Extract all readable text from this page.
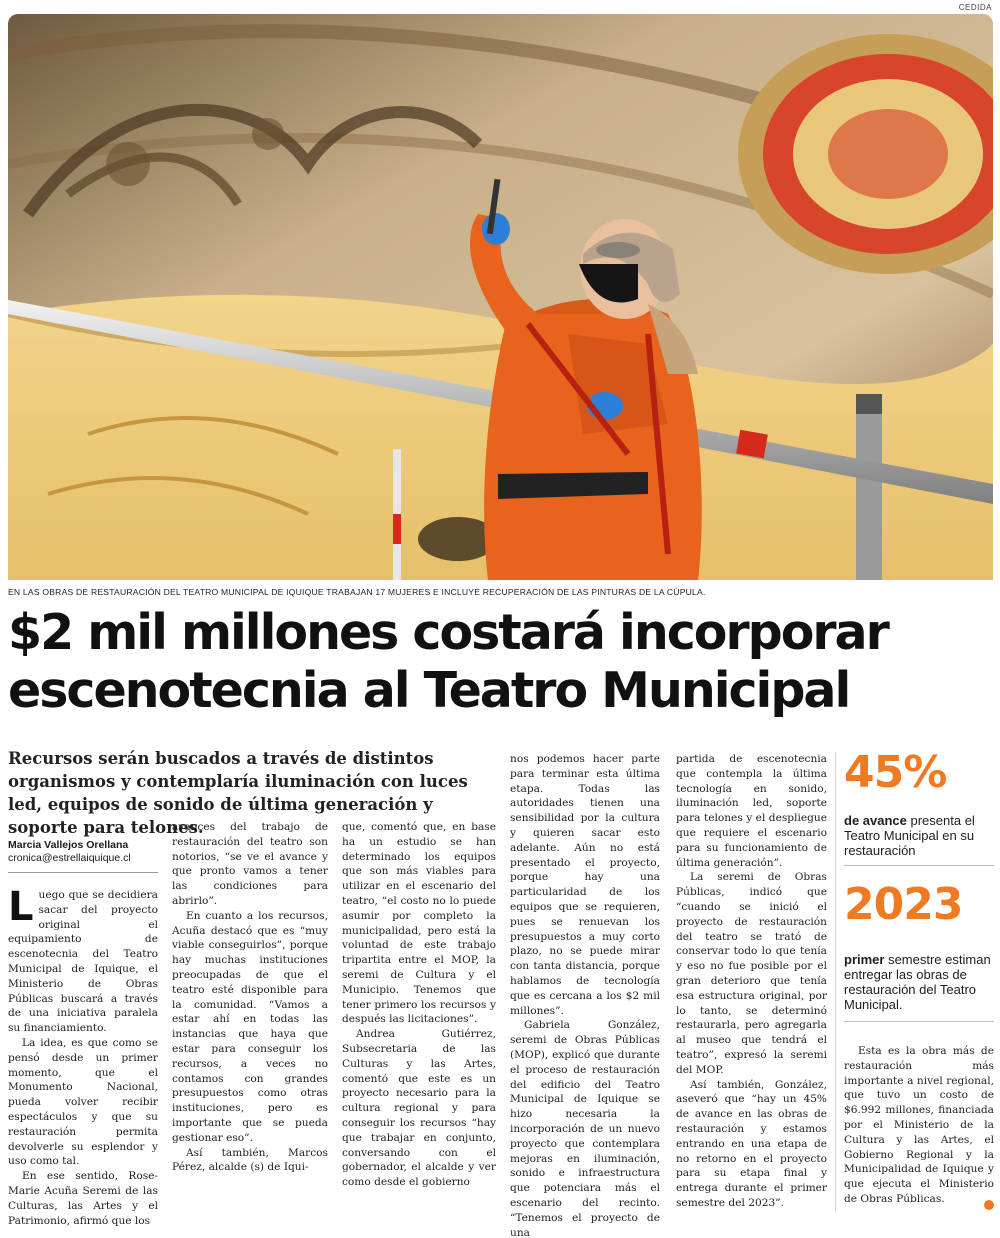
CEDIDA
EN LAS OBRAS DE RESTAURACIÓN DEL TEATRO MUNICIPAL DE IQUIQUE TRABAJAN 17 MUJERES E INCLUYE RECUPERACIÓN DE LAS PINTURAS DE LA CÚPULA.
$2 mil millones costará incorporar
escenotecnia al Teatro Municipal
Recursos serán buscados a través de distintos organismos y contemplaría iluminación con luces led, equipos de sonido de última generación y soporte para telones.
Marcia Vallejos Orellana
cronica@estrellaiquique.cl

Luego que se decidiera sacar del proyecto original el equipamiento de escenotecnia del Teatro Municipal de Iquique, el Ministerio de Obras Públicas buscará a través de una iniciativa paralela su financiamiento.

La idea, es que como se pensó desde un primer momento, que el Monumento Nacional, pueda volver recibir espectáculos y que su restauración permita devolverle su esplendor y uso como tal.

En ese sentido, Rose-Marie Acuña Seremi de las Culturas, las Artes y el Patrimonio, afirmó que los

avances del trabajo de restauración del teatro son notorios, “se ve el avance y que pronto vamos a tener las condiciones para abrirlo”.

En cuanto a los recursos, Acuña destacó que es “muy viable conseguirlos”, porque hay muchas instituciones preocupadas de que el teatro esté disponible para la comunidad. “Vamos a estar ahí en todas las instancias que haya que estar para conseguir los recursos, a veces no contamos con grandes presupuestos como otras instituciones, pero es importante que se pueda gestionar eso”.

Así también, Marcos Pérez, alcalde (s) de Iqui-

que, comentó que, en base ha un estudio se han determinado los equipos que son más viables para utilizar en el escenario del teatro, “el costo no lo puede asumir por completo la municipalidad, pero está la voluntad de este trabajo tripartita entre el MOP, la seremi de Cultura y el Municipio. Tenemos que tener primero los recursos y después las licitaciones”.

Andrea Gutiérrez, Subsecretaria de las Culturas y las Artes, comentó que este es un proyecto necesario para la cultura regional y para conseguir los recursos “hay que trabajar en conjunto, conversando con el gobernador, el alcalde y ver como desde el gobierno

nos podemos hacer parte para terminar esta última etapa. Todas las autoridades tienen una sensibilidad por la cultura y quieren sacar esto adelante. Aún no está presentado el proyecto, porque hay una particularidad de los equipos que se requieren, pues se renuevan los presupuestos a muy corto plazo, no se puede mirar con tanta distancia, porque hablamos de tecnología que es cercana a los $2 mil millones”.

Gabriela González, seremi de Obras Públicas (MOP), explicó que durante el proceso de restauración del edificio del Teatro Municipal de Iquique se hizo necesaria la incorporación de un nuevo proyecto que contemplara mejoras en iluminación, sonido e infraestructura que potenciara más el escenario del recinto. “Tenemos el proyecto de una

partida de escenotecnia que contempla la última tecnología en sonido, iluminación led, soporte para telones y el despliegue que requiere el escenario para su funcionamiento de última generación”.

La seremi de Obras Públicas, indicó que “cuando se inició el proyecto de restauración del teatro se trató de conservar todo lo que tenía y eso no fue posible por el gran deterioro que tenía esa estructura original, por lo tanto, se determinó restaurarla, pero agregarla al museo que tendrá el teatro”, expresó la seremi del MOP.

Así también, González, aseveró que “hay un 45% de avance en las obras de restauración y estamos entrando en una etapa de no retorno en el proyecto para su etapa final y entrega durante el primer semestre del 2023”.

45%
de avance presenta el Teatro Municipal en su restauración
2023
primer semestre estiman entregar las obras de restauración del Teatro Municipal.

Esta es la obra más de restauración más importante a nivel regional, que tuvo un costo de $6.992 millones, financiada por el Ministerio de la Cultura y las Artes, el Gobierno Regional y la Municipalidad de Iquique y que ejecuta el Ministerio de Obras Públicas.
